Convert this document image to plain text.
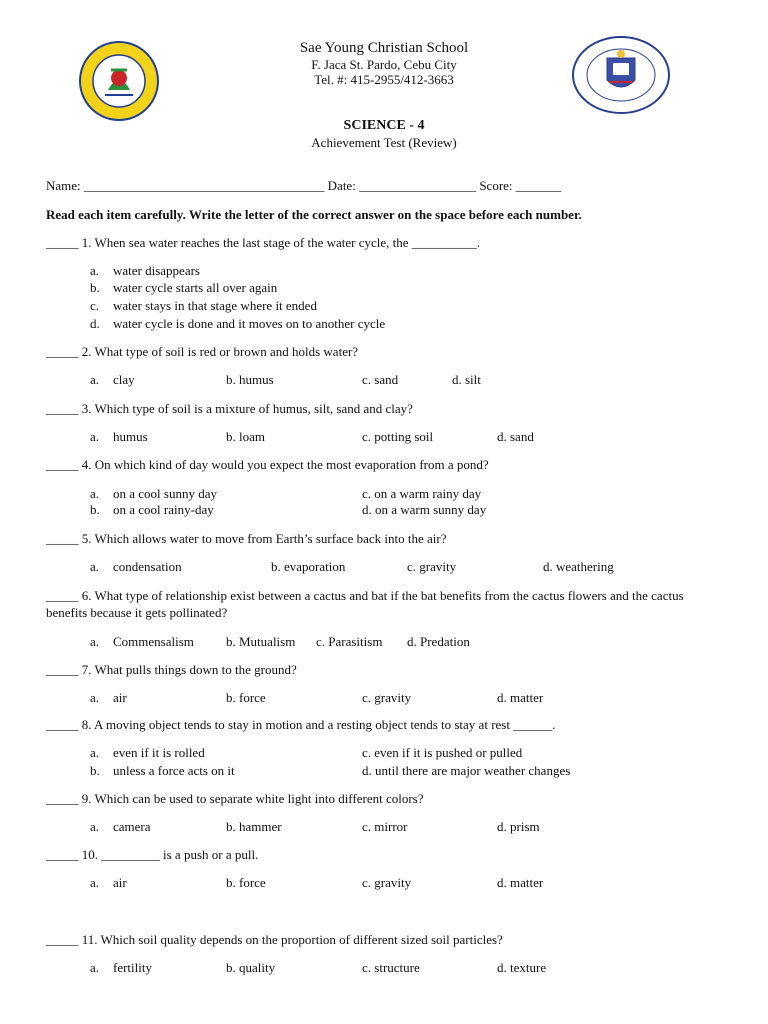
Sae Young Christian School
F. Jaca St. Pardo, Cebu City
Tel. #: 415-2955/412-3663
SCIENCE - 4
Achievement Test (Review)
Name: _____________________________________ Date: __________________ Score: _______
Read each item carefully. Write the letter of the correct answer on the space before each number.
_____ 1. When sea water reaches the last stage of the water cycle, the __________.
a. water disappears
b. water cycle starts all over again
c. water stays in that stage where it ended
d. water cycle is done and it moves on to another cycle
_____ 2. What type of soil is red or brown and holds water?
a. clay	b. humus	c. sand	d. silt
_____ 3. Which type of soil is a mixture of humus, silt, sand and clay?
a. humus	b. loam	c. potting soil	d. sand
_____ 4. On which kind of day would you expect the most evaporation from a pond?
a. on a cool sunny day	c. on a warm rainy day
b. on a cool rainy-day	d. on a warm sunny day
_____ 5. Which allows water to move from Earth’s surface back into the air?
a. condensation	b. evaporation	c. gravity	d. weathering
_____ 6. What type of relationship exist between a cactus and bat if the bat benefits from the cactus flowers and the cactus benefits because it gets pollinated?
a. Commensalism b. Mutualism c. Parasitism d. Predation
_____ 7. What pulls things down to the ground?
a. air	b. force	c. gravity	d. matter
_____ 8. A moving object tends to stay in motion and a resting object tends to stay at rest ______.
a. even if it is rolled	c. even if it is pushed or pulled
b. unless a force acts on it	d. until there are major weather changes
_____ 9. Which can be used to separate white light into different colors?
a. camera	b. hammer	c. mirror	d. prism
_____ 10. _________ is a push or a pull.
a. air	b. force	c. gravity	d. matter
_____ 11. Which soil quality depends on the proportion of different sized soil particles?
a. fertility	b. quality	c. structure	d. texture
